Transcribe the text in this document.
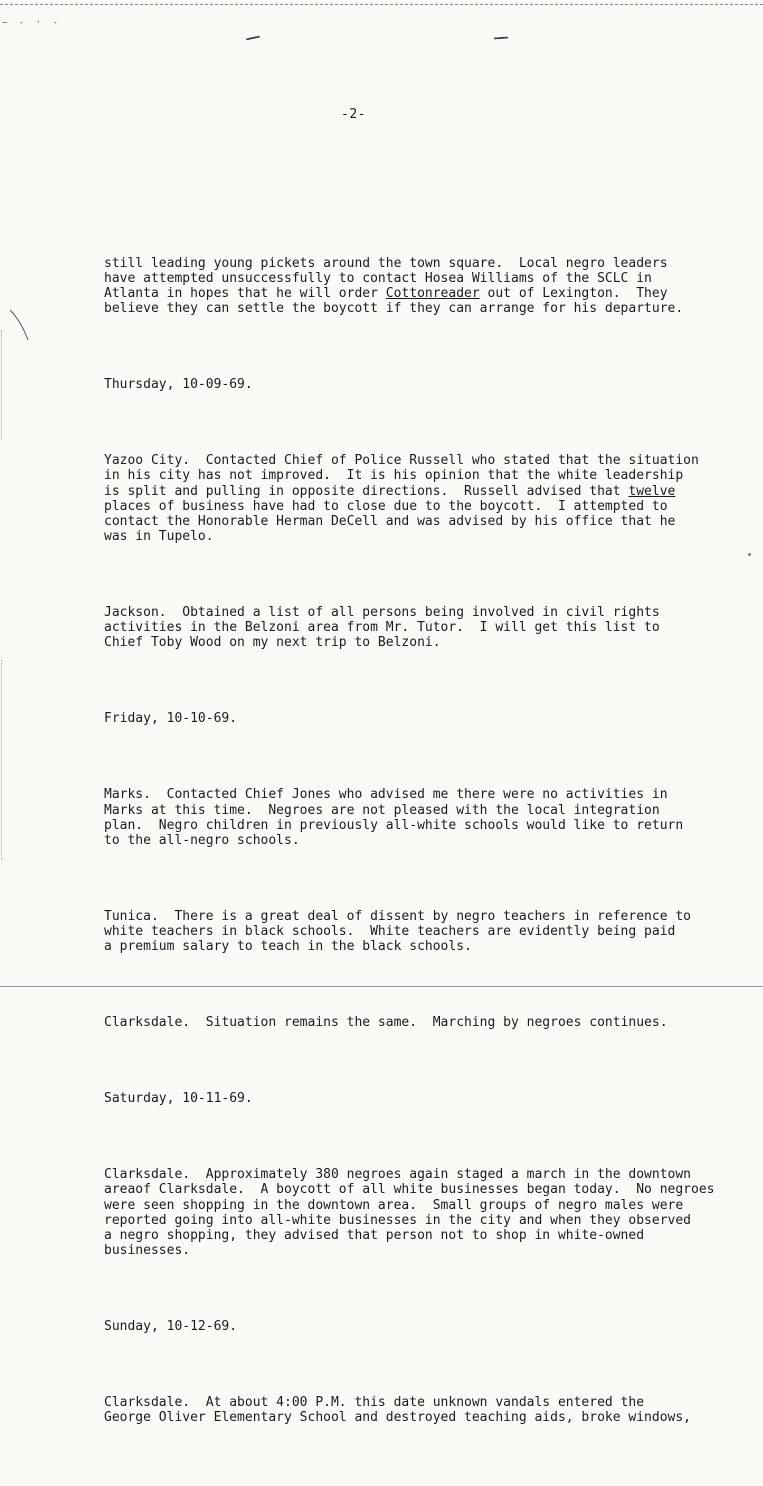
— - · -
-2-

still leading young pickets around the town square.  Local negro leaders
have attempted unsuccessfully to contact Hosea Williams of the SCLC in
Atlanta in hopes that he will order Cottonreader out of Lexington.  They
believe they can settle the boycott if they can arrange for his departure.

Thursday, 10-09-69.

Yazoo City.  Contacted Chief of Police Russell who stated that the situation
in his city has not improved.  It is his opinion that the white leadership
is split and pulling in opposite directions.  Russell advised that twelve
places of business have had to close due to the boycott.  I attempted to
contact the Honorable Herman DeCell and was advised by his office that he
was in Tupelo.

Jackson.  Obtained a list of all persons being involved in civil rights
activities in the Belzoni area from Mr. Tutor.  I will get this list to
Chief Toby Wood on my next trip to Belzoni.

Friday, 10-10-69.

Marks.  Contacted Chief Jones who advised me there were no activities in
Marks at this time.  Negroes are not pleased with the local integration
plan.  Negro children in previously all-white schools would like to return
to the all-negro schools.

Tunica.  There is a great deal of dissent by negro teachers in reference to
white teachers in black schools.  White teachers are evidently being paid
a premium salary to teach in the black schools.

Clarksdale.  Situation remains the same.  Marching by negroes continues.

Saturday, 10-11-69.

Clarksdale.  Approximately 380 negroes again staged a march in the downtown
areaof Clarksdale.  A boycott of all white businesses began today.  No negroes
were seen shopping in the downtown area.  Small groups of negro males were
reported going into all-white businesses in the city and when they observed
a negro shopping, they advised that person not to shop in white-owned
businesses.

Sunday, 10-12-69.

Clarksdale.  At about 4:00 P.M. this date unknown vandals entered the
George Oliver Elementary School and destroyed teaching aids, broke windows,
